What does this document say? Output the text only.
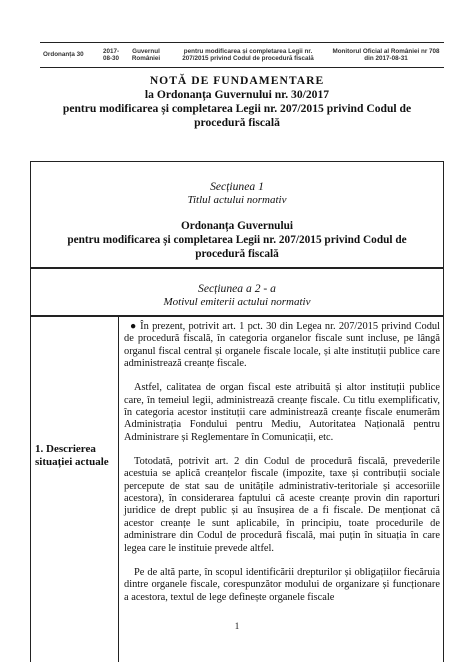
Ordonanța 30
2017-08-30
Guvernul României
pentru modificarea și completarea Legii nr. 207/2015 privind Codul de procedură fiscală
Monitorul Oficial al României nr 708 din 2017-08-31
NOTĂ DE FUNDAMENTARE
la Ordonanța Guvernului nr. 30/2017
pentru modificarea și completarea Legii nr. 207/2015 privind Codul de procedură fiscală
Secțiunea 1
Titlul actului normativ
Ordonanța Guvernului
pentru modificarea și completarea Legii nr. 207/2015 privind Codul de procedură fiscală
Secțiunea a 2 - a
Motivul emiterii actului normativ
1. Descrierea situației actuale

● În prezent, potrivit art. 1 pct. 30 din Legea nr. 207/2015 privind Codul de procedură fiscală, în categoria organelor fiscale sunt incluse, pe lângă organul fiscal central și organele fiscale locale, și alte instituții publice care administrează creanțe fiscale.

Astfel, calitatea de organ fiscal este atribuită și altor instituții publice care, în temeiul legii, administrează creanțe fiscale. Cu titlu exemplificativ, în categoria acestor instituții care administrează creanțe fiscale enumerăm Administrația Fondului pentru Mediu, Autoritatea Națională pentru Administrare și Reglementare în Comunicații, etc.

Totodată, potrivit art. 2 din Codul de procedură fiscală, prevederile acestuia se aplică creanțelor fiscale (impozite, taxe și contribuții sociale percepute de stat sau de unitățile administrativ-teritoriale și accesoriile acestora), în considerarea faptului că aceste creanțe provin din raporturi juridice de drept public și au însușirea de a fi fiscale. De menționat că acestor creanțe le sunt aplicabile, în principiu, toate procedurile de administrare din Codul de procedură fiscală, mai puțin în situația în care legea care le instituie prevede altfel.

Pe de altă parte, în scopul identificării drepturilor și obligațiilor fiecăruia dintre organele fiscale, corespunzător modului de organizare și funcționare a acestora, textul de lege definește organele fiscale

1
